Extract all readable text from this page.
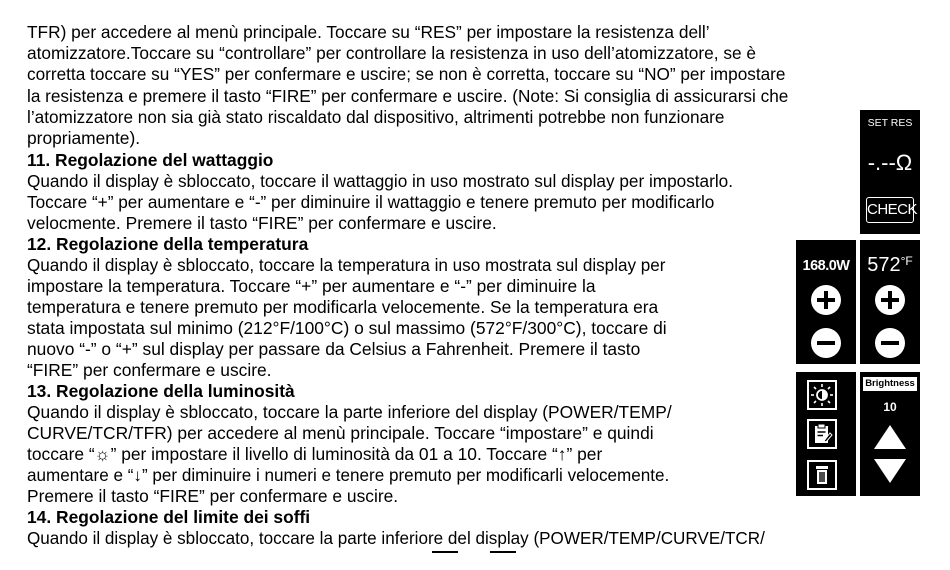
TFR) per accedere al menù principale. Toccare su “RES” per impostare la resistenza dell’
atomizzatore.Toccare su “controllare” per controllare la resistenza in uso dell’atomizzatore, se è
corretta toccare su “YES” per confermare e uscire; se non è corretta, toccare su “NO” per impostare
la resistenza e premere il tasto “FIRE” per confermare e uscire. (Note: Si consiglia di assicurarsi che
l’atomizzatore non sia già stato riscaldato dal dispositivo, altrimenti potrebbe non funzionare
propriamente).
11. Regolazione del wattaggio
Quando il display è sbloccato, toccare il wattaggio in uso mostrato sul display per impostarlo.
Toccare “+” per aumentare e “-” per diminuire il wattaggio e tenere premuto per modificarlo
velocmente. Premere il tasto “FIRE” per confermare e uscire.
12. Regolazione della temperatura
Quando il display è sbloccato, toccare la temperatura in uso mostrata sul display per
impostare la temperatura. Toccare “+” per aumentare e “-” per diminuire la
temperatura e tenere premuto per modificarla velocemente. Se la temperatura era
stata impostata sul minimo (212°F/100°C) o sul massimo (572°F/300°C), toccare di
nuovo “-” o “+” sul display per passare da Celsius a Fahrenheit. Premere il tasto
“FIRE” per confermare e uscire.
13. Regolazione della luminosità
Quando il display è sbloccato, toccare la parte inferiore del display (POWER/TEMP/
CURVE/TCR/TFR) per accedere al menù principale. Toccare “impostare” e quindi
toccare “☼” per impostare il livello di luminosità da 01 a 10. Toccare “↑” per
aumentare e “↓” per diminuire i numeri e tenere premuto per modificarli velocemente.
Premere il tasto “FIRE” per confermare e uscire.
14. Regolazione del limite dei soffi
Quando il display è sbloccato, toccare la parte inferiore del display (POWER/TEMP/CURVE/TCR/
SET RES
-.--Ω
CHECK
168.0W $572^{^\circ F}$
Brightness
10
